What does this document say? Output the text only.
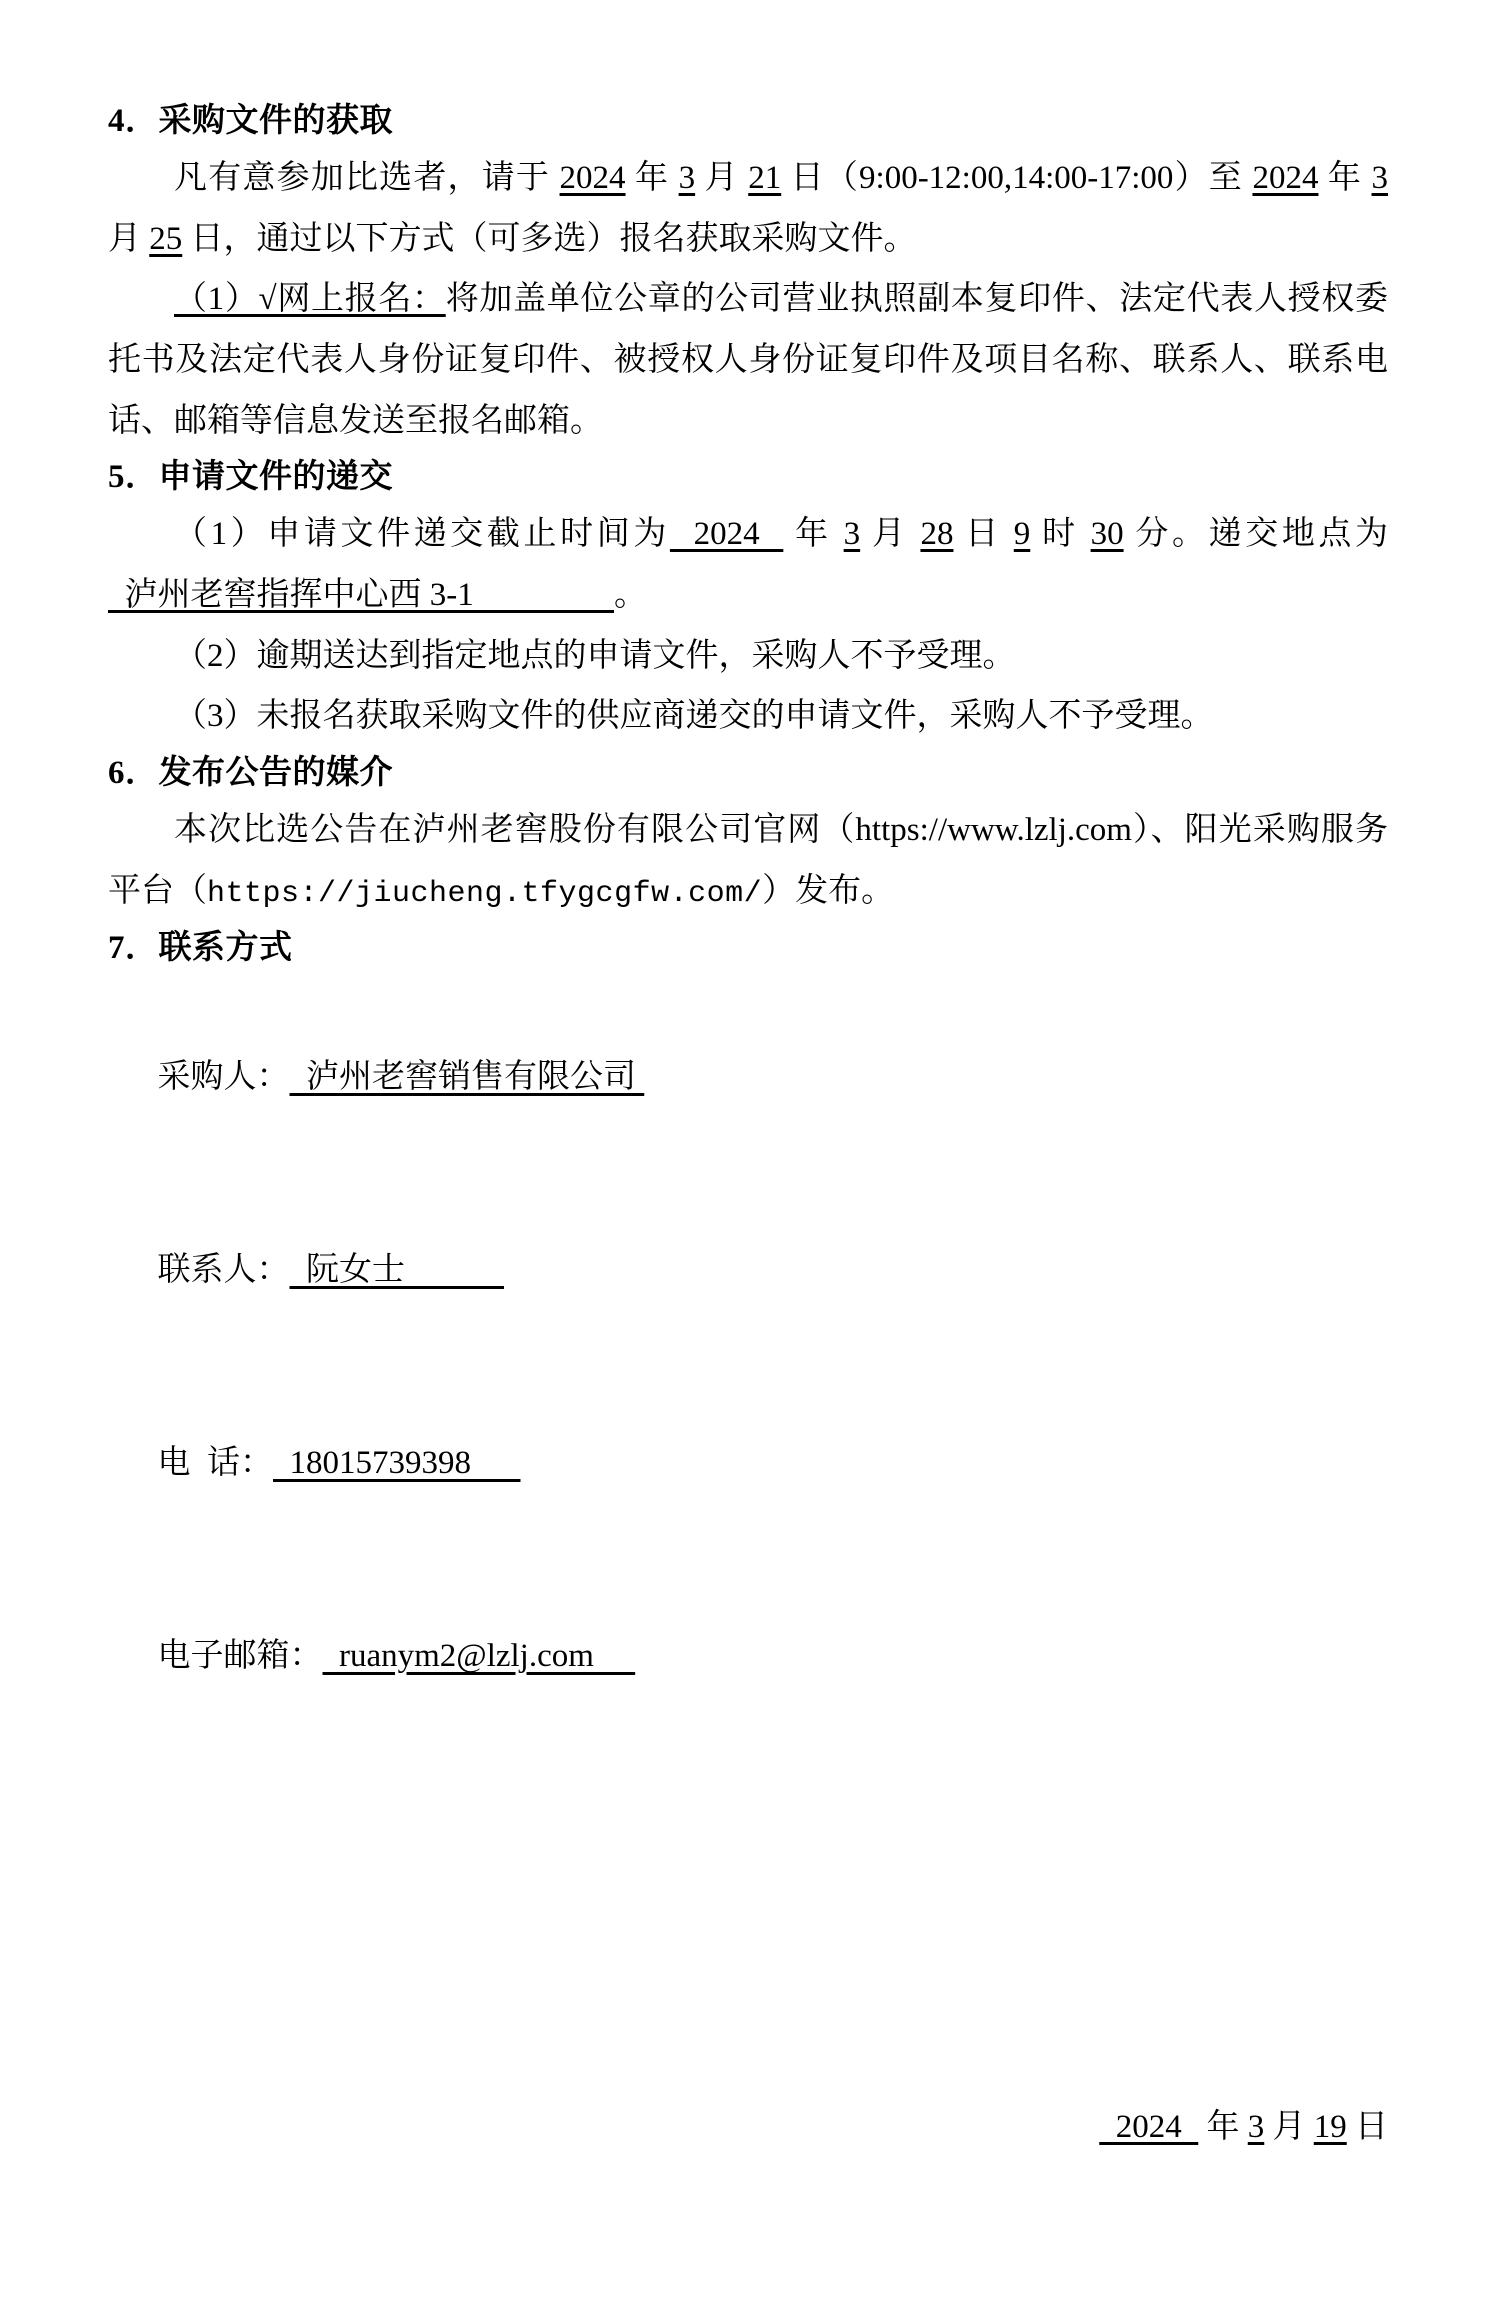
4．采购文件的获取

凡有意参加比选者，请于 2024 年 3 月 21 日（9:00-12:00,14:00-17:00）至 2024 年 3 月 25 日，通过以下方式（可多选）报名获取采购文件。

（1）√网上报名：将加盖单位公章的公司营业执照副本复印件、法定代表人授权委托书及法定代表人身份证复印件、被授权人身份证复印件及项目名称、联系人、联系电话、邮箱等信息发送至报名邮箱。

5．申请文件的递交

（1）申请文件递交截止时间为  2024   年 3 月 28 日 9 时 30 分。递交地点为  泸州老窖指挥中心西 3-1                 。

（2）逾期送达到指定地点的申请文件，采购人不予受理。

（3）未报名获取采购文件的供应商递交的申请文件，采购人不予受理。

6．发布公告的媒介

本次比选公告在泸州老窖股份有限公司官网（https://www.lzlj.com）、阳光采购服务平台（https://jiucheng.tfygcgfw.com/）发布。

7．联系方式

采购人：  泸州老窖销售有限公司

联系人：  阮女士

电  话：  18015739398

电子邮箱：  ruanym2@lzlj.com

2024   年 3 月 19 日
